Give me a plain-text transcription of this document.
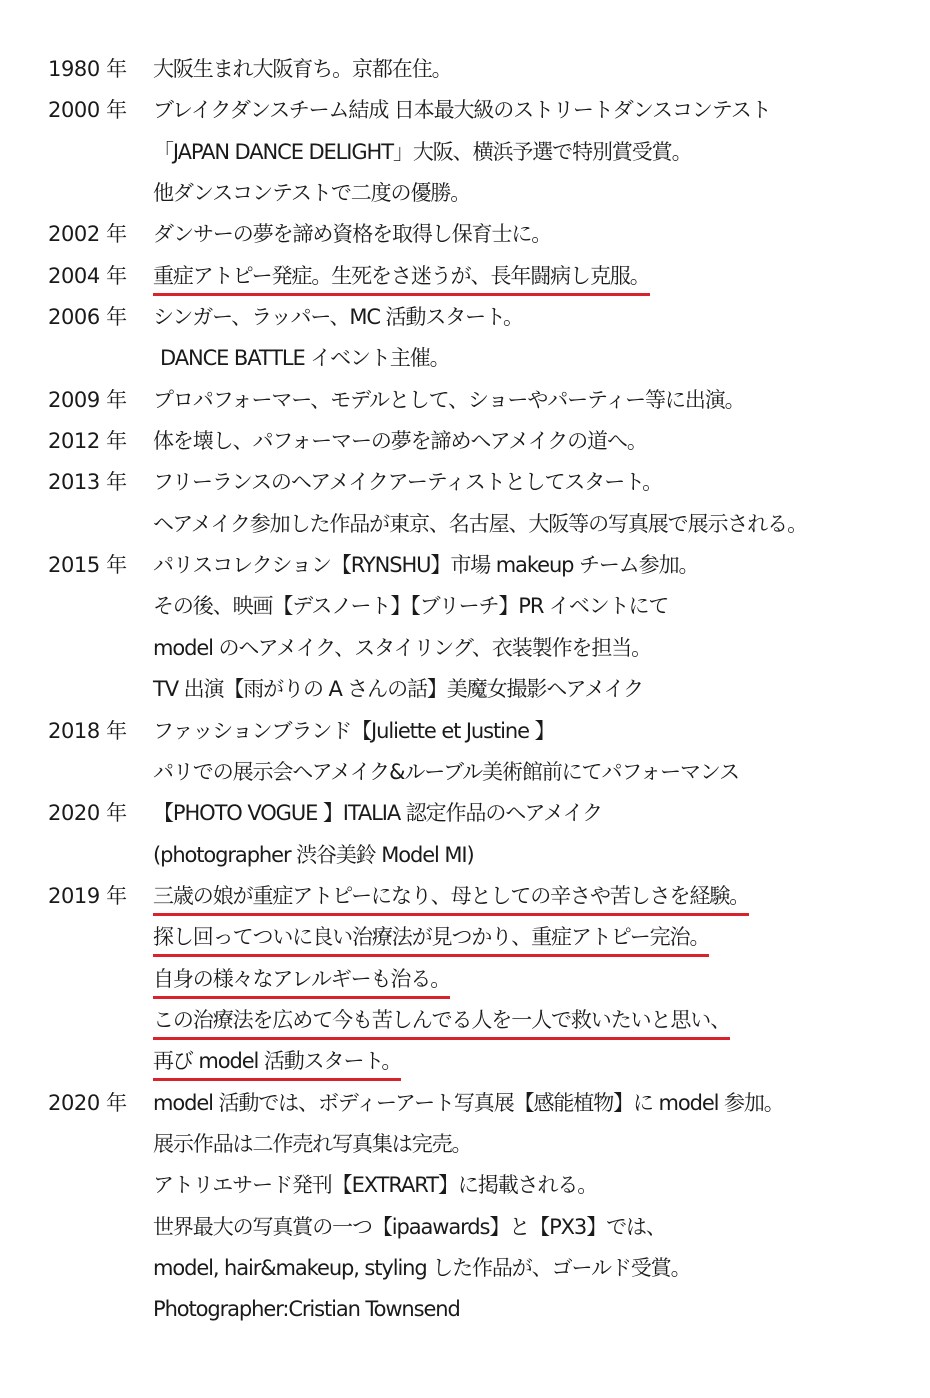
1980 年 大阪生まれ大阪育ち。京都在住。
2000 年 ブレイクダンスチーム結成 日本最大級のストリートダンスコンテスト
「JAPAN DANCE DELIGHT」大阪、横浜予選で特別賞受賞。
他ダンスコンテストで二度の優勝。
2002 年 ダンサーの夢を諦め資格を取得し保育士に。
2004 年 重症アトピー発症。生死をさ迷うが、長年闘病し克服。
2006 年 シンガー、ラッパー、MC 活動スタート。
DANCE BATTLE イベント主催。
2009 年 プロパフォーマー、モデルとして、ショーやパーティー等に出演。
2012 年 体を壊し、パフォーマーの夢を諦めヘアメイクの道へ。
2013 年 フリーランスのヘアメイクアーティストとしてスタート。
ヘアメイク参加した作品が東京、名古屋、大阪等の写真展で展示される。
2015 年 パリスコレクション【RYNSHU】市場 makeup チーム参加。
その後、映画【デスノート】【ブリーチ】PR イベントにて
model のヘアメイク、スタイリング、衣装製作を担当。
TV 出演【雨がりの A さんの話】美魔女撮影ヘアメイク
2018 年 ファッションブランド【Juliette et Justine 】
パリでの展示会ヘアメイク&ルーブル美術館前にてパフォーマンス
2020 年 【PHOTO VOGUE 】ITALIA 認定作品のヘアメイク
(photographer 渋谷美鈴 Model MI)
2019 年 三歳の娘が重症アトピーになり、母としての辛さや苦しさを経験。
探し回ってついに良い治療法が見つかり、重症アトピー完治。
自身の様々なアレルギーも治る。
この治療法を広めて今も苦しんでる人を一人で救いたいと思い、
再び model 活動スタート。
2020 年 model 活動では、ボディーアート写真展【感能植物】に model 参加。
展示作品は二作売れ写真集は完売。
アトリエサード発刊【EXTRART】に掲載される。
世界最大の写真賞の一つ【ipaawards】と【PX3】では、
model, hair&makeup, styling した作品が、ゴールド受賞。
Photographer:Cristian Townsend
